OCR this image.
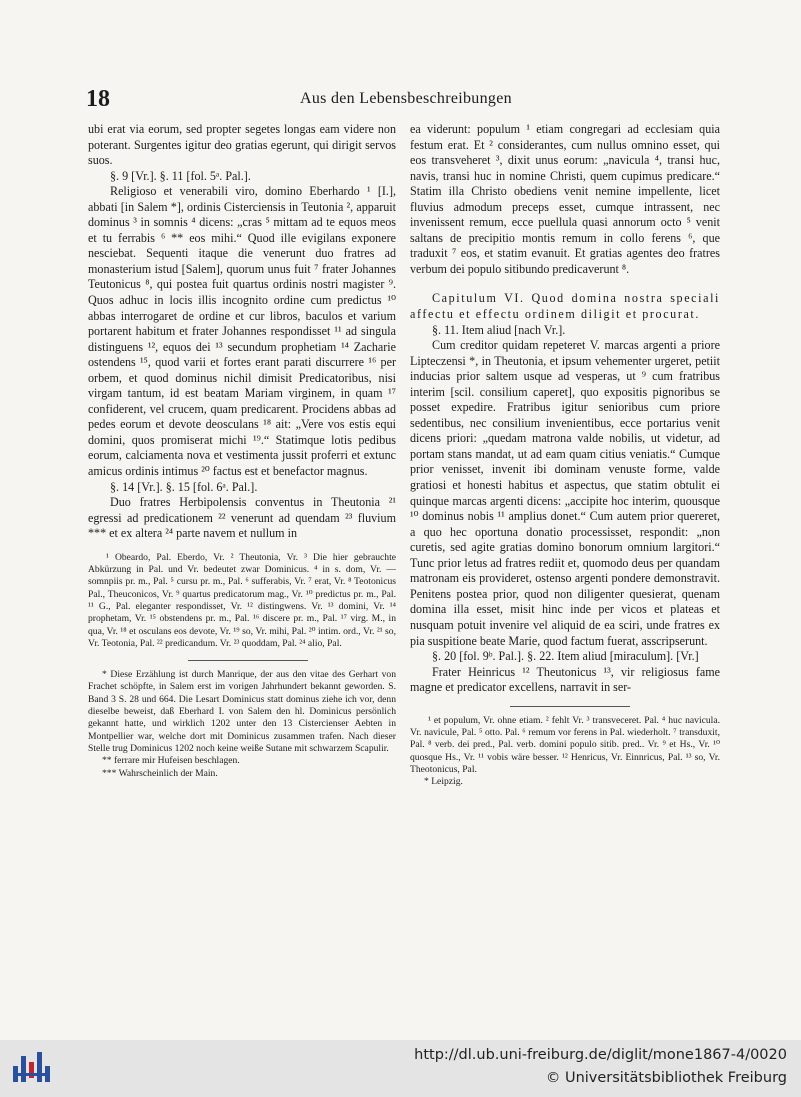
18	Aus den Lebensbeschreibungen

ubi erat via eorum, sed propter segetes longas eam videre non poterant. Surgentes igitur deo gratias egerunt, qui dirigit servos suos.

§. 9 [Vr.]. §. 11 [fol. 5ᵃ. Pal.].

Religioso et venerabili viro, domino Eberhardo ¹ [I.], abbati [in Salem *], ordinis Cisterciensis in Teutonia ², apparuit dominus ³ in somnis ⁴ dicens: „cras ⁵ mittam ad te equos meos et tu ferrabis ⁶ ** eos mihi.“ Quod ille evigilans exponere nesciebat. Sequenti itaque die venerunt duo fratres ad monasterium istud [Salem], quorum unus fuit ⁷ frater Johannes Teutonicus ⁸, qui postea fuit quartus ordinis nostri magister ⁹. Quos adhuc in locis illis incognito ordine cum predictus ¹⁰ abbas interrogaret de ordine et cur libros, baculos et varium portarent habitum et frater Johannes respondisset ¹¹ ad singula distinguens ¹², equos dei ¹³ secundum prophetiam ¹⁴ Zacharie ostendens ¹⁵, quod varii et fortes erant parati discurrere ¹⁶ per orbem, et quod dominus nichil dimisit Predicatoribus, nisi virgam tantum, id est beatam Mariam virginem, in quam ¹⁷ confiderent, vel crucem, quam predicarent. Procidens abbas ad pedes eorum et devote deosculans ¹⁸ ait: „Vere vos estis equi domini, quos promiserat michi ¹⁹.“ Statimque lotis pedibus eorum, calciamenta nova et vestimenta jussit proferri et extunc amicus ordinis intimus ²⁰ factus est et benefactor magnus.

§. 14 [Vr.]. §. 15 [fol. 6ᵃ. Pal.].

Duo fratres Herbipolensis conventus in Theutonia ²¹ egressi ad predicationem ²² venerunt ad quendam ²³ fluvium *** et ex altera ²⁴ parte navem et nullum in

¹ Obeardo, Pal. Eberdo, Vr. ² Theutonia, Vr. ³ Die hier gebrauchte Abkürzung in Pal. und Vr. bedeutet zwar Dominicus. ⁴ in s. dom, Vr. — somnpiis pr. m., Pal. ⁵ cursu pr. m., Pal. ⁶ sufferabis, Vr. ⁷ erat, Vr. ⁸ Teotonicus Pal., Theuconicos, Vr. ⁹ quartus predicatorum mag., Vr. ¹⁰ predictus pr. m., Pal. ¹¹ G., Pal. eleganter respondisset, Vr. ¹² distingwens. Vr. ¹³ domini, Vr. ¹⁴ prophetam, Vr. ¹⁵ obstendens pr. m., Pal. ¹⁶ discere pr. m., Pal. ¹⁷ virg. M., in qua, Vr. ¹⁸ et osculans eos devote, Vr. ¹⁹ so, Vr. mihi, Pal. ²⁰ intim. ord., Vr. ²¹ so, Vr. Teotonia, Pal. ²² predicandum. Vr. ²³ quoddam, Pal. ²⁴ alio, Pal.

* Diese Erzählung ist durch Manrique, der aus den vitae des Gerhart von Frachet schöpfte, in Salem erst im vorigen Jahrhundert bekannt geworden. S. Band 3 S. 28 und 664. Die Lesart Dominicus statt dominus ziehe ich vor, denn dieselbe beweist, daß Eberhard I. von Salem den hl. Dominicus persönlich gekannt hatte, und wirklich 1202 unter den 13 Cistercienser Aebten in Montpellier war, welche dort mit Dominicus zusammen trafen. Nach dieser Stelle trug Dominicus 1202 noch keine weiße Sutane mit schwarzem Scapulir.

** ferrare mir Hufeisen beschlagen.

*** Wahrscheinlich der Main.

ea viderunt: populum ¹ etiam congregari ad ecclesiam quia festum erat. Et ² considerantes, cum nullus omnino esset, qui eos transveheret ³, dixit unus eorum: „navicula ⁴, transi huc, navis, transi huc in nomine Christi, quem cupimus predicare.“ Statim illa Christo obediens venit nemine impellente, licet fluvius admodum preceps esset, cumque intrassent, nec invenissent remum, ecce puellula quasi annorum octo ⁵ venit saltans de precipitio montis remum in collo ferens ⁶, que traduxit ⁷ eos, et statim evanuit. Et gratias agentes deo fratres verbum dei populo sitibundo predicaverunt ⁸.

Capitulum VI. Quod domina nostra speciali affectu et effectu ordinem diligit et procurat.

§. 11. Item aliud [nach Vr.].

Cum creditor quidam repeteret V. marcas argenti a priore Lipteczensi *, in Theutonia, et ipsum vehementer urgeret, petiit inducias prior saltem usque ad vesperas, ut ⁹ cum fratribus interim [scil. consilium caperet], quo expositis pignoribus se posset expedire. Fratribus igitur senioribus cum priore sedentibus, nec consilium invenientibus, ecce portarius venit dicens priori: „quedam matrona valde nobilis, ut videtur, ad portam stans mandat, ut ad eam quam citius veniatis.“ Cumque prior venisset, invenit ibi dominam venuste forme, valde gratiosi et honesti habitus et aspectus, que statim obtulit ei quinque marcas argenti dicens: „accipite hoc interim, quousque ¹⁰ dominus nobis ¹¹ amplius donet.“ Cum autem prior quereret, a quo hec oportuna donatio processisset, respondit: „non curetis, sed agite gratias domino bonorum omnium largitori.“ Tunc prior letus ad fratres rediit et, quomodo deus per quandam matronam eis provideret, ostenso argenti pondere demonstravit. Penitens postea prior, quod non diligenter quesierat, quenam domina illa esset, misit hinc inde per vicos et plateas et nusquam potuit invenire vel aliquid de ea sciri, unde fratres ex pia suspitione beate Marie, quod factum fuerat, asscripserunt.

§. 20 [fol. 9ᵇ. Pal.]. §. 22. Item aliud [miraculum]. [Vr.]

Frater Heinricus ¹² Theutonicus ¹³, vir religiosus fame magne et predicator excellens, narravit in ser-

¹ et populum, Vr. ohne etiam. ² fehlt Vr. ³ transveceret. Pal. ⁴ huc navicula. Vr. navicule, Pal. ⁵ otto. Pal. ⁶ remum vor ferens in Pal. wiederholt. ⁷ transduxit, Pal. ⁸ verb. dei pred., Pal. verb. domini populo sitib. pred.. Vr. ⁹ et Hs., Vr. ¹⁰ quosque Hs., Vr. ¹¹ vobis wäre besser. ¹² Henricus, Vr. Einnricus, Pal. ¹³ so, Vr. Theotonicus, Pal.

* Leipzig.

http://dl.ub.uni-freiburg.de/diglit/mone1867-4/0020
© Universitätsbibliothek Freiburg
